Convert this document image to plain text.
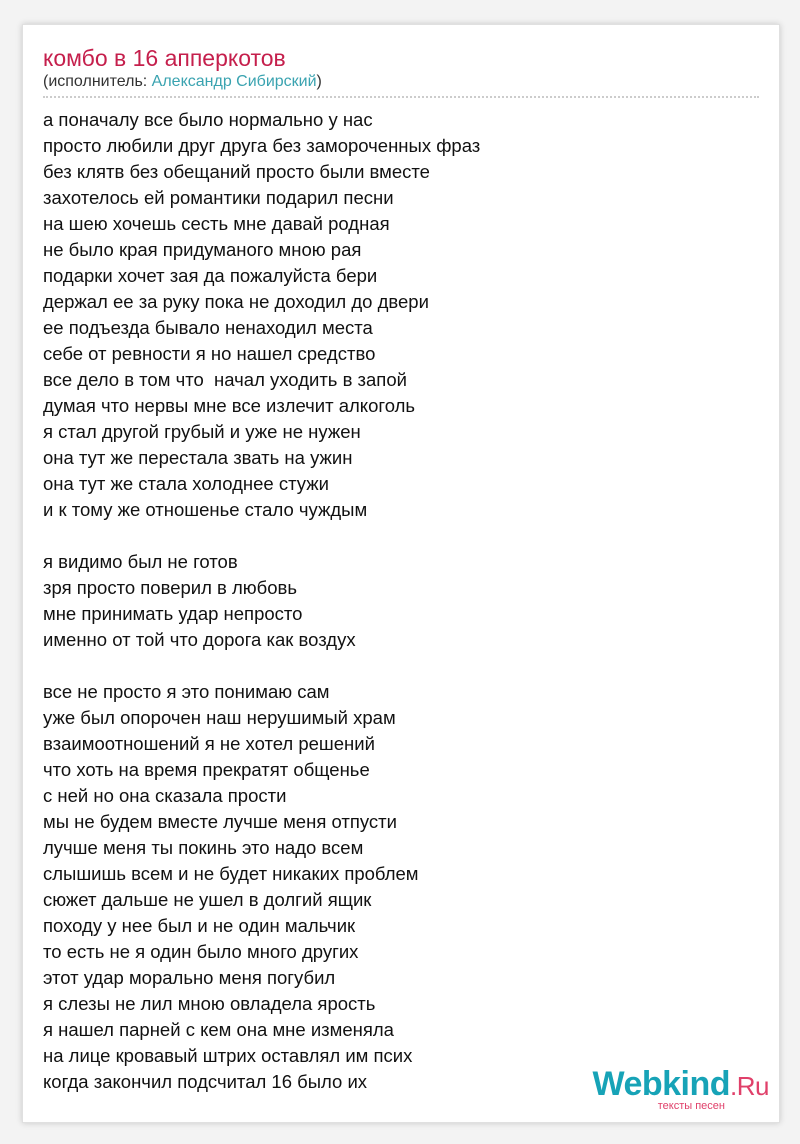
комбо в 16 апперкотов
(исполнитель: Александр Сибирский)
а поначалу все было нормально у нас
просто любили друг друга без замороченных фраз
без клятв без обещаний просто были вместе
захотелось ей романтики подарил песни
на шею хочешь сесть мне давай родная
не было края придуманого мною рая
подарки хочет зая да пожалуйста бери
держал ее за руку пока не доходил до двери
ее подъезда бывало ненаходил места
себе от ревности я но нашел средство
все дело в том что  начал уходить в запой
думая что нервы мне все излечит алкоголь
я стал другой грубый и уже не нужен
она тут же перестала звать на ужин
она тут же стала холоднее стужи
и к тому же отношенье стало чуждым
я видимо был не готов
зря просто поверил в любовь
мне принимать удар непросто
именно от той что дорога как воздух
все не просто я это понимаю сам
уже был опорочен наш нерушимый храм
взаимоотношений я не хотел решений
что хоть на время прекратят общенье
с ней но она сказала прости
мы не будем вместе лучше меня отпусти
лучше меня ты покинь это надо всем
слышишь всем и не будет никаких проблем
сюжет дальше не ушел в долгий ящик
походу у нее был и не один мальчик
то есть не я один было много других
этот удар морально меня погубил
я слезы не лил мною овладела ярость
я нашел парней с кем она мне изменяла
на лице кровавый штрих оставлял им псих
когда закончил подсчитал 16 было их	Webkind.Ru
тексты песен
